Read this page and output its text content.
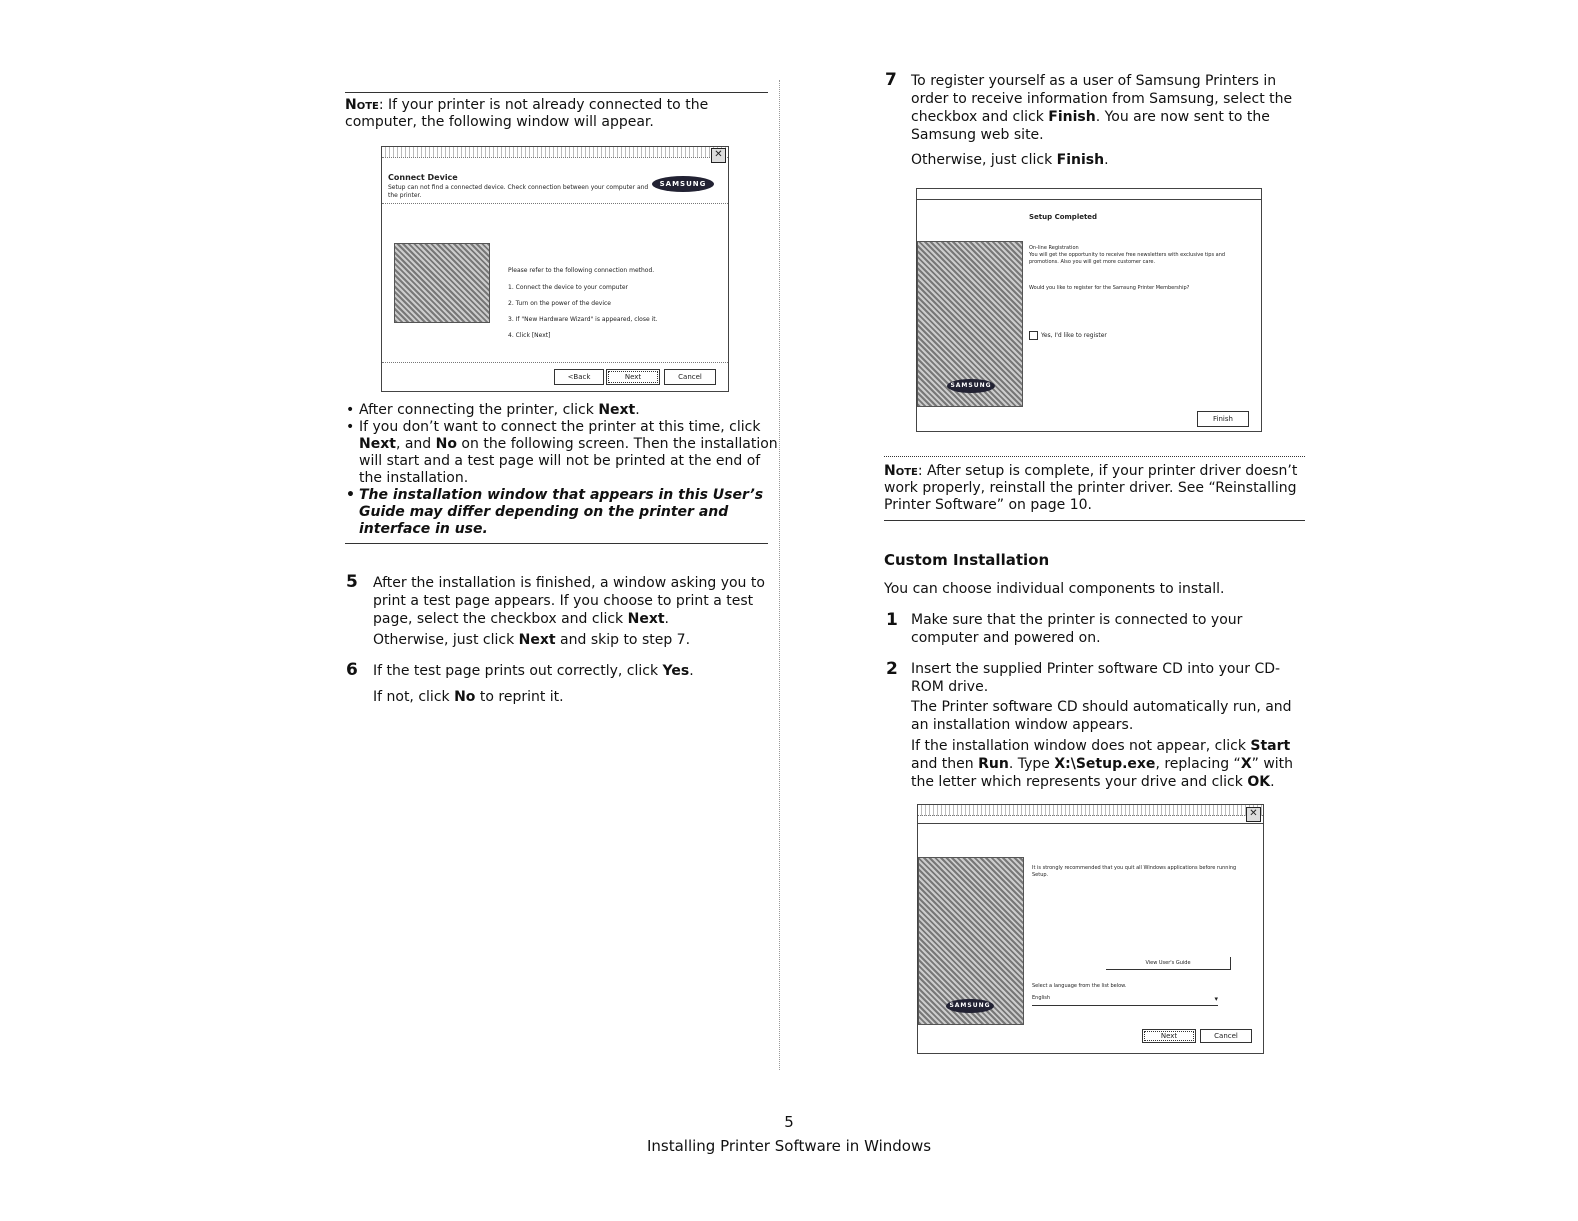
Note: If your printer is not already connected to the computer, the following window will appear.
✕
Connect Device
Setup can not find a connected device. Check connection between your computer and the printer.
SAMSUNG
Please refer to the following connection method.
1. Connect the device to your computer
2. Turn on the power of the device
3. If "New Hardware Wizard" is appeared, close it.
4. Click [Next]
<Back	Next	Cancel
• After connecting the printer, click Next.
• If you don’t want to connect the printer at this time, click Next, and No on the following screen. Then the installation will start and a test page will not be printed at the end of the installation.
• The installation window that appears in this User’s Guide may differ depending on the printer and interface in use.
5 After the installation is finished, a window asking you to print a test page appears. If you choose to print a test page, select the checkbox and click Next.
Otherwise, just click Next and skip to step 7.
6 If the test page prints out correctly, click Yes.
If not, click No to reprint it.
7 To register yourself as a user of Samsung Printers in order to receive information from Samsung, select the checkbox and click Finish. You are now sent to the Samsung web site.
Otherwise, just click Finish.
Setup Completed
SAMSUNG
On-line Registration
You will get the opportunity to receive free newsletters with exclusive tips and promotions. Also you will get more customer care.
Would you like to register for the Samsung Printer Membership?
Yes, I'd like to register
Finish
Note: After setup is complete, if your printer driver doesn’t work properly, reinstall the printer driver. See “Reinstalling Printer Software” on page 10.
Custom Installation
You can choose individual components to install.
1 Make sure that the printer is connected to your computer and powered on.
2 Insert the supplied Printer software CD into your CD-ROM drive.
The Printer software CD should automatically run, and an installation window appears.
If the installation window does not appear, click Start and then Run. Type X:\Setup.exe, replacing “X” with the letter which represents your drive and click OK.
✕
SAMSUNG
It is strongly recommended that you quit all Windows applications before running Setup.
View User's Guide
Select a language from the list below.
English	▾
Next	Cancel
5
Installing Printer Software in Windows
